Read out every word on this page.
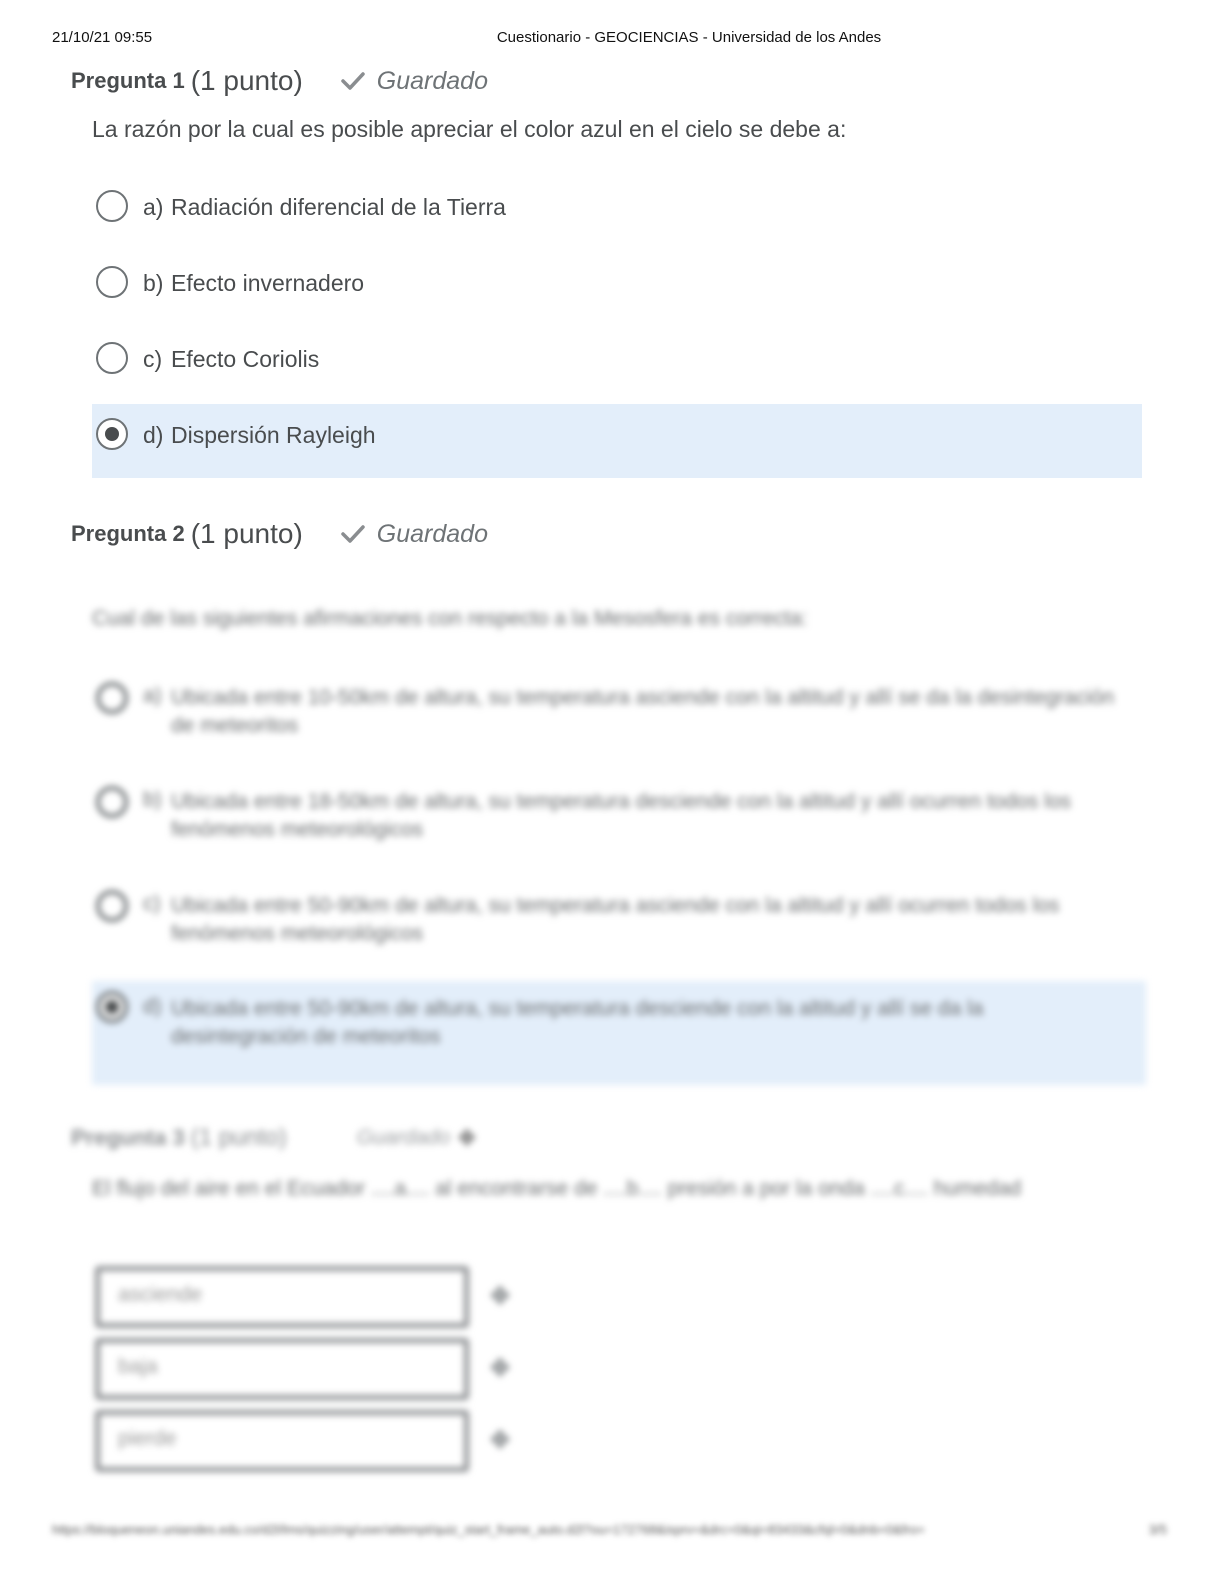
21/10/21 09:55	Cuestionario - GEOCIENCIAS - Universidad de los Andes
Pregunta 1 (1 punto)	Guardado
La razón por la cual es posible apreciar el color azul en el cielo se debe a:
a) Radiación diferencial de la Tierra
b) Efecto invernadero
c) Efecto Coriolis
d) Dispersión Rayleigh
Pregunta 2 (1 punto)	Guardado
Cual de las siguientes afirmaciones con respecto a la Mesosfera es correcta:
a) Ubicada entre 10-50km de altura, su temperatura asciende con la altitud y allí se da la desintegración de meteoritos
b) Ubicada entre 18-50km de altura, su temperatura desciende con la altitud y allí ocurren todos los fenómenos meteorológicos
c) Ubicada entre 50-90km de altura, su temperatura asciende con la altitud y allí ocurren todos los fenómenos meteorológicos
d) Ubicada entre 50-90km de altura, su temperatura desciende con la altitud y allí se da la desintegración de meteoritos
Pregunta 3 (1 punto)	Guardado ✥
El flujo del aire en el Ecuador ....a.... al encontrarse de ....b.... presión a por la onda ....c.... humedad
asciende	✥
baja	✥
pierde	✥
https://bloqueneon.uniandes.edu.co/d2l/lms/quizzing/user/attempt/quiz_start_frame_auto.d2l?ou=172768&isprv=&drc=0&qi=83433&cfql=0&dnb=0&fro=	3/5
